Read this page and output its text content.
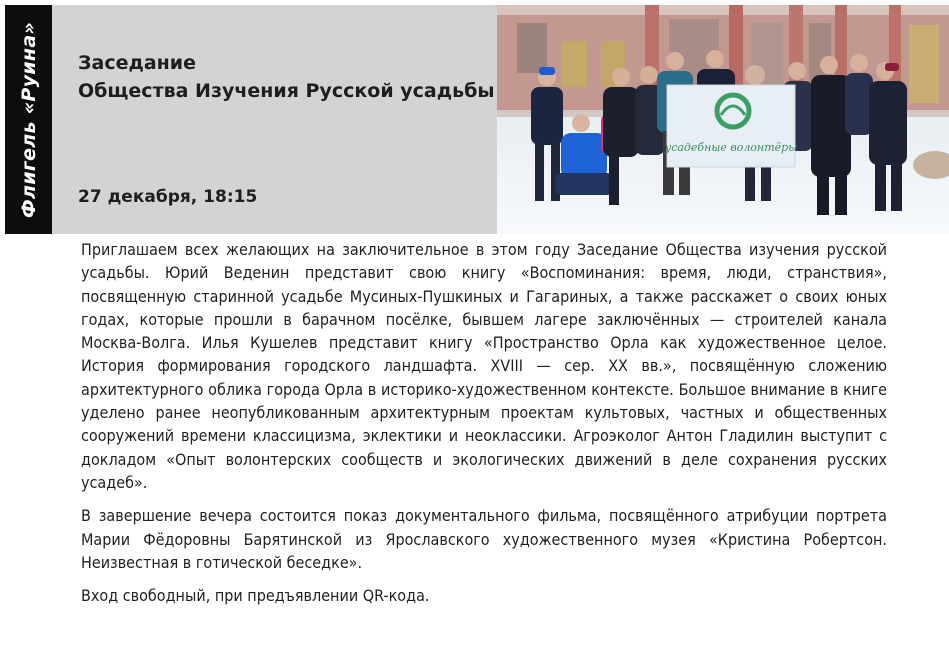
Флигель «Руина» Заседание
Общества Изучения Русской усадьбы
27 декабря, 18:15
усадебные волонтёры

Приглашаем всех желающих на заключительное в этом году Заседание Общества изучения русской усадьбы. Юрий Веденин представит свою книгу «Воспоминания: время, люди, странствия», посвященную старинной усадьбе Мусиных-Пушкиных и Гагариных, а также расскажет о своих юных годах, которые прошли в барачном посёлке, бывшем лагере заключённых — строителей канала Москва-Волга. Илья Кушелев представит книгу «Пространство Орла как художественное целое. История формирования городского ландшафта. XVIII — сер. XX вв.», посвящённую сложению архитектурного облика города Орла в историко-художественном контексте. Большое внимание в книге уделено ранее неопубликованным архитектурным проектам культовых, частных и общественных сооружений времени классицизма, эклектики и неоклассики. Агроэколог Антон Гладилин выступит с докладом «Опыт волонтерских сообществ и экологических движений в деле сохранения русских усадеб».

В завершение вечера состоится показ документального фильма, посвящённого атрибуции портрета Марии Фёдоровны Барятинской из Ярославского художественного музея «Кристина Робертсон. Неизвестная в готической беседке».

Вход свободный, при предъявлении QR-кода.
